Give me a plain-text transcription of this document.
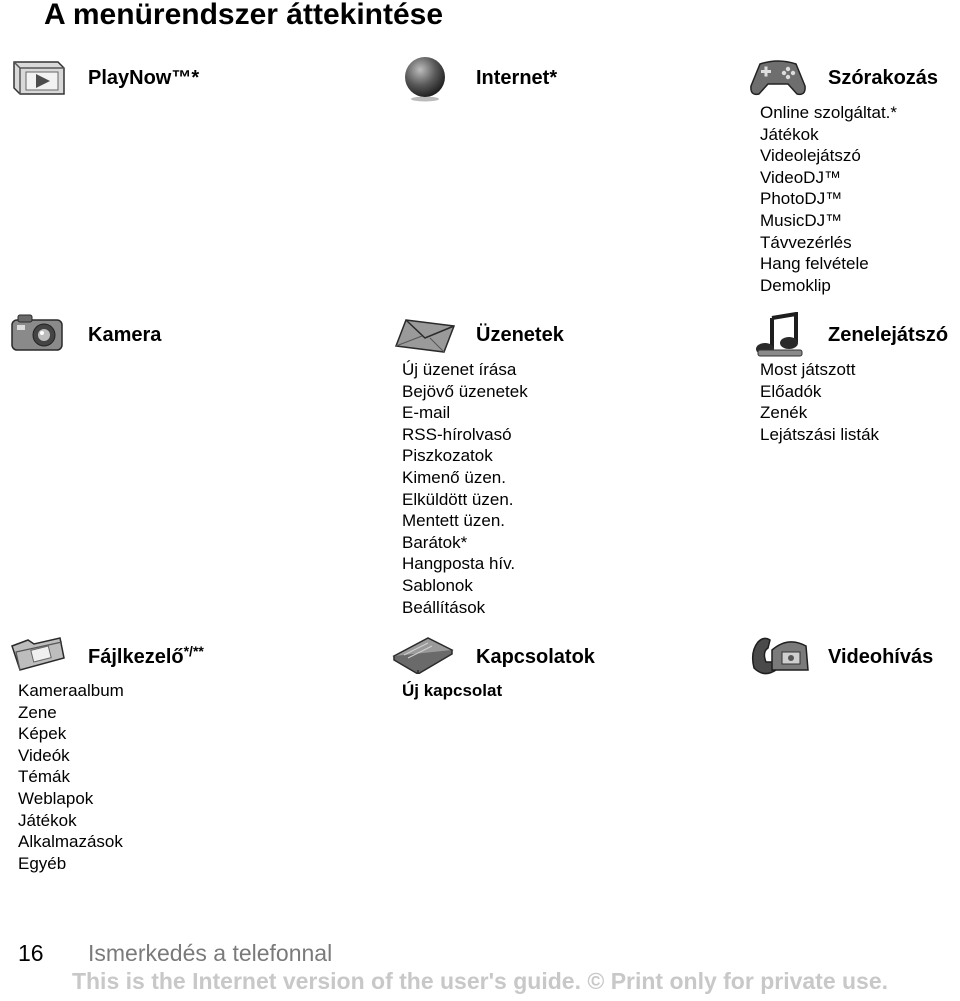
A menürendszer áttekintése
PlayNow™*	Internet*	Szórakozás
Online szolgáltat.*
Játékok
Videolejátszó
VideoDJ™
PhotoDJ™
MusicDJ™
Távvezérlés
Hang felvétele
Demoklip
Kamera	Üzenetek
Új üzenet írása
Bejövő üzenetek
E-mail
RSS-hírolvasó
Piszkozatok
Kimenő üzen.
Elküldött üzen.
Mentett üzen.
Barátok*
Hangposta hív.
Sablonok
Beállítások
Zenelejátszó
Most játszott
Előadók
Zenék
Lejátszási listák
Fájlkezelő*/**
Kameraalbum
Zene
Képek
Videók
Témák
Weblapok
Játékok
Alkalmazások
Egyéb
Kapcsolatok
Új kapcsolat
Videohívás
16 Ismerkedés a telefonnal
This is the Internet version of the user's guide. © Print only for private use.
